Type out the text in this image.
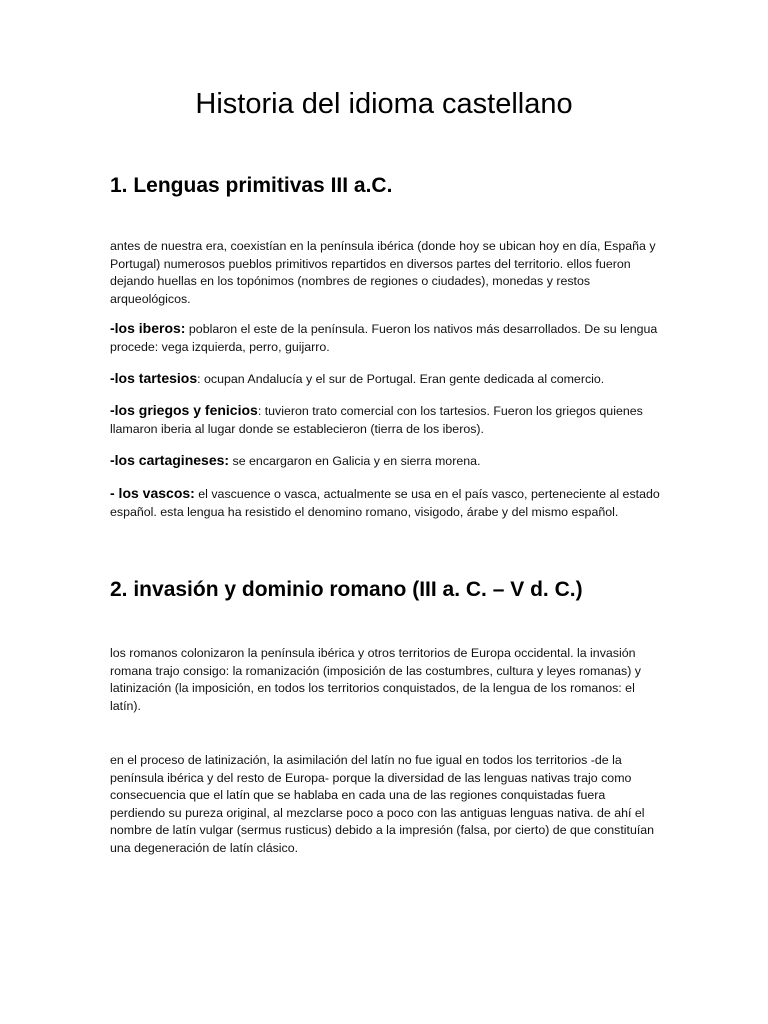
Historia del idioma castellano
1. Lenguas primitivas III a.C.

antes de nuestra era, coexistían en la península ibérica (donde hoy se ubican hoy en día, España y Portugal) numerosos pueblos primitivos repartidos en diversos partes del territorio. ellos fueron dejando huellas en los topónimos (nombres de regiones o ciudades), monedas y restos arqueológicos.

-los iberos: poblaron el este de la península. Fueron los nativos más desarrollados. De su lengua procede: vega izquierda, perro, guijarro.

-los tartesios: ocupan Andalucía y el sur de Portugal. Eran gente dedicada al comercio.

-los griegos y fenicios: tuvieron trato comercial con los tartesios. Fueron los griegos quienes llamaron iberia al lugar donde se establecieron (tierra de los iberos).

-los cartagineses: se encargaron en Galicia y en sierra morena.

- los vascos: el vascuence o vasca, actualmente se usa en el país vasco, perteneciente al estado español. esta lengua ha resistido el denomino romano, visigodo, árabe y del mismo español.

2. invasión y dominio romano (III a. C. – V d. C.)

los romanos colonizaron la península ibérica y otros territorios de Europa occidental. la invasión romana trajo consigo: la romanización (imposición de las costumbres, cultura y leyes romanas) y latinización (la imposición, en todos los territorios conquistados, de la lengua de los romanos: el latín).

en el proceso de latinización, la asimilación del latín no fue igual en todos los territorios -de la península ibérica y del resto de Europa- porque la diversidad de las lenguas nativas trajo como consecuencia que el latín que se hablaba en cada una de las regiones conquistadas fuera perdiendo su pureza original, al mezclarse poco a poco con las antiguas lenguas nativa. de ahí el nombre de latín vulgar (sermus rusticus) debido a la impresión (falsa, por cierto) de que constituían una degeneración de latín clásico.
